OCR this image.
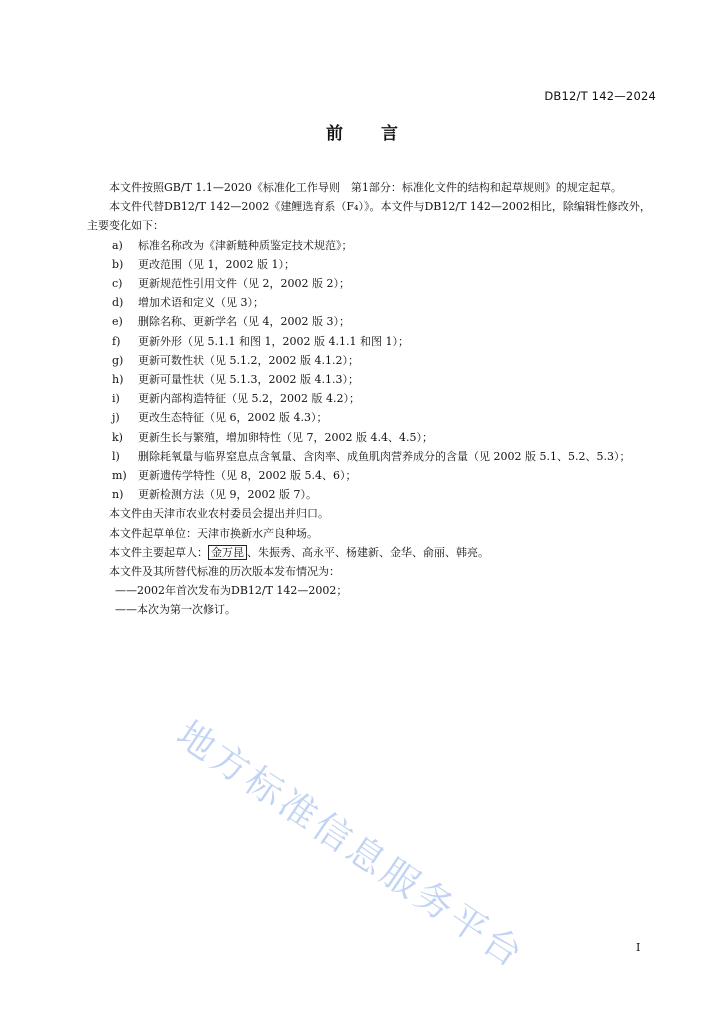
DB12/T 142—2024
前 言

本文件按照GB/T 1.1—2020《标准化工作导则　第1部分：标准化文件的结构和起草规则》的规定起草。

本文件代替DB12/T 142—2002《建鲤选育系（F₄）》。本文件与DB12/T 142—2002相比，除编辑性修改外，主要变化如下：

a)	标准名称改为《津新鲢种质鉴定技术规范》；
b)	更改范围（见 1，2002 版 1）；
c)	更新规范性引用文件（见 2，2002 版 2）；
d)	增加术语和定义（见 3）；
e)	删除名称、更新学名（见 4，2002 版 3）；
f)	更新外形（见 5.1.1 和图 1，2002 版 4.1.1 和图 1）；
g)	更新可数性状（见 5.1.2，2002 版 4.1.2）；
h)	更新可量性状（见 5.1.3，2002 版 4.1.3）；
i)	更新内部构造特征（见 5.2，2002 版 4.2）；
j)	更改生态特征（见 6，2002 版 4.3）；
k)	更新生长与繁殖，增加卵特性（见 7，2002 版 4.4、4.5）；
l)	删除耗氧量与临界窒息点含氧量、含肉率、成鱼肌肉营养成分的含量（见 2002 版 5.1、5.2、5.3）；
m)	更新遗传学特性（见 8，2002 版 5.4、6）；
n)	更新检测方法（见 9，2002 版 7）。

本文件由天津市农业农村委员会提出并归口。

本文件起草单位：天津市换新水产良种场。

本文件主要起草人： 金万昆 、朱振秀、高永平、杨建新、金华、俞丽、韩亮。

本文件及其所替代标准的历次版本发布情况为：

——2002年首次发布为DB12/T 142—2002；

——本次为第一次修订。

地方标准信息服务平台	I
